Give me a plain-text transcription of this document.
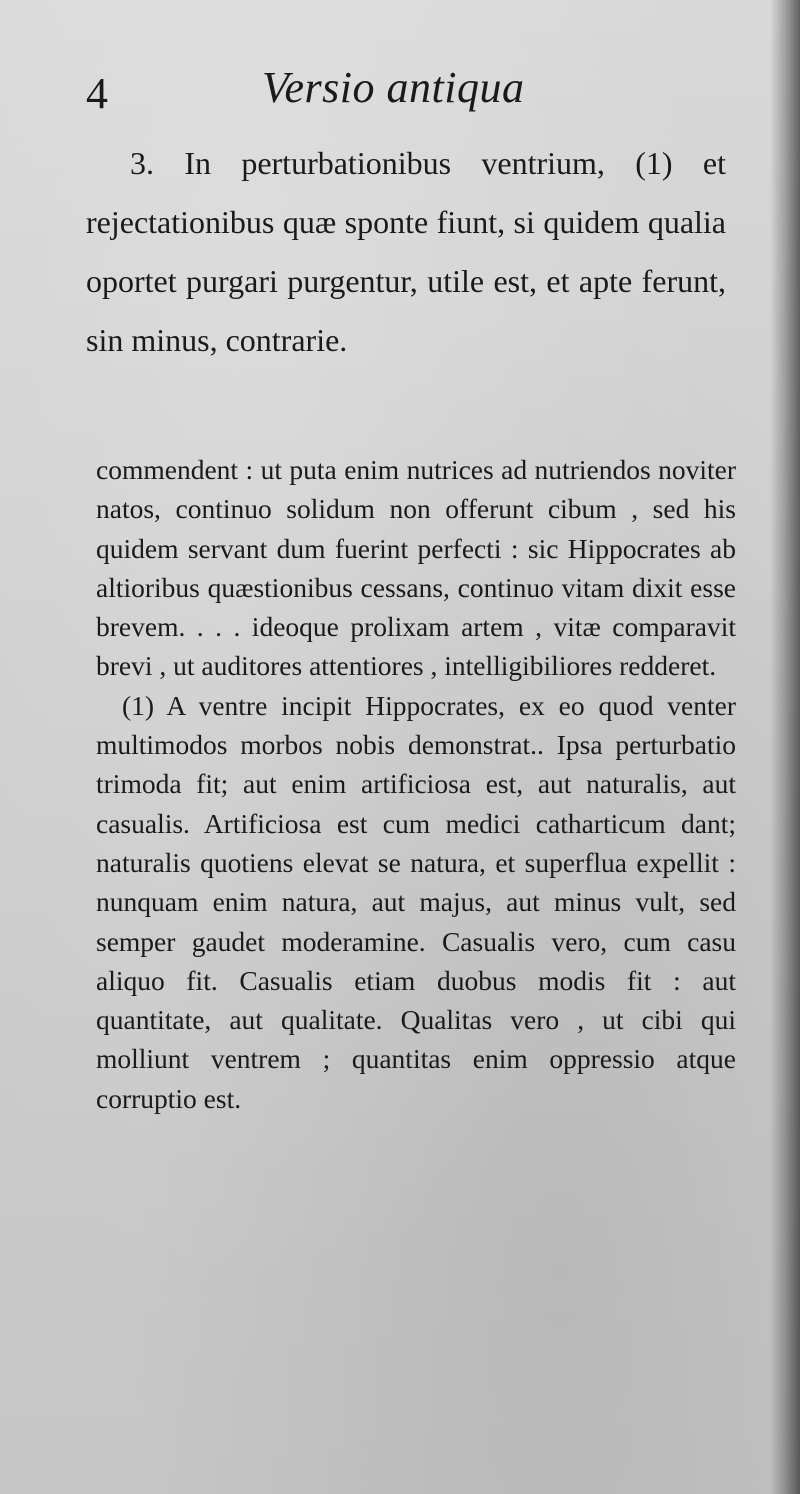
4	Versio antiqua

3. In perturbationibus ventrium, (1) et rejectationibus quæ sponte fiunt, si quidem qualia oportet purgari purgentur, utile est, et apte ferunt, sin minus, contrarie.

commendent : ut puta enim nutrices ad nutriendos noviter natos, continuo solidum non offerunt cibum , sed his quidem servant dum fuerint perfecti : sic Hippocrates ab altioribus quæstionibus cessans, continuo vitam dixit esse brevem. . . . ideoque prolixam artem , vitæ comparavit brevi , ut auditores attentiores , intelligibiliores redderet.

(1) A ventre incipit Hippocrates, ex eo quod venter multimodos morbos nobis demonstrat.. Ipsa perturbatio trimoda fit; aut enim artificiosa est, aut naturalis, aut casualis. Artificiosa est cum medici catharticum dant; naturalis quotiens elevat se natura, et superflua expellit : nunquam enim natura, aut majus, aut minus vult, sed semper gaudet moderamine. Casualis vero, cum casu aliquo fit. Casualis etiam duobus modis fit : aut quantitate, aut qualitate. Qualitas vero , ut cibi qui molliunt ventrem ; quantitas enim oppressio atque corruptio est.
